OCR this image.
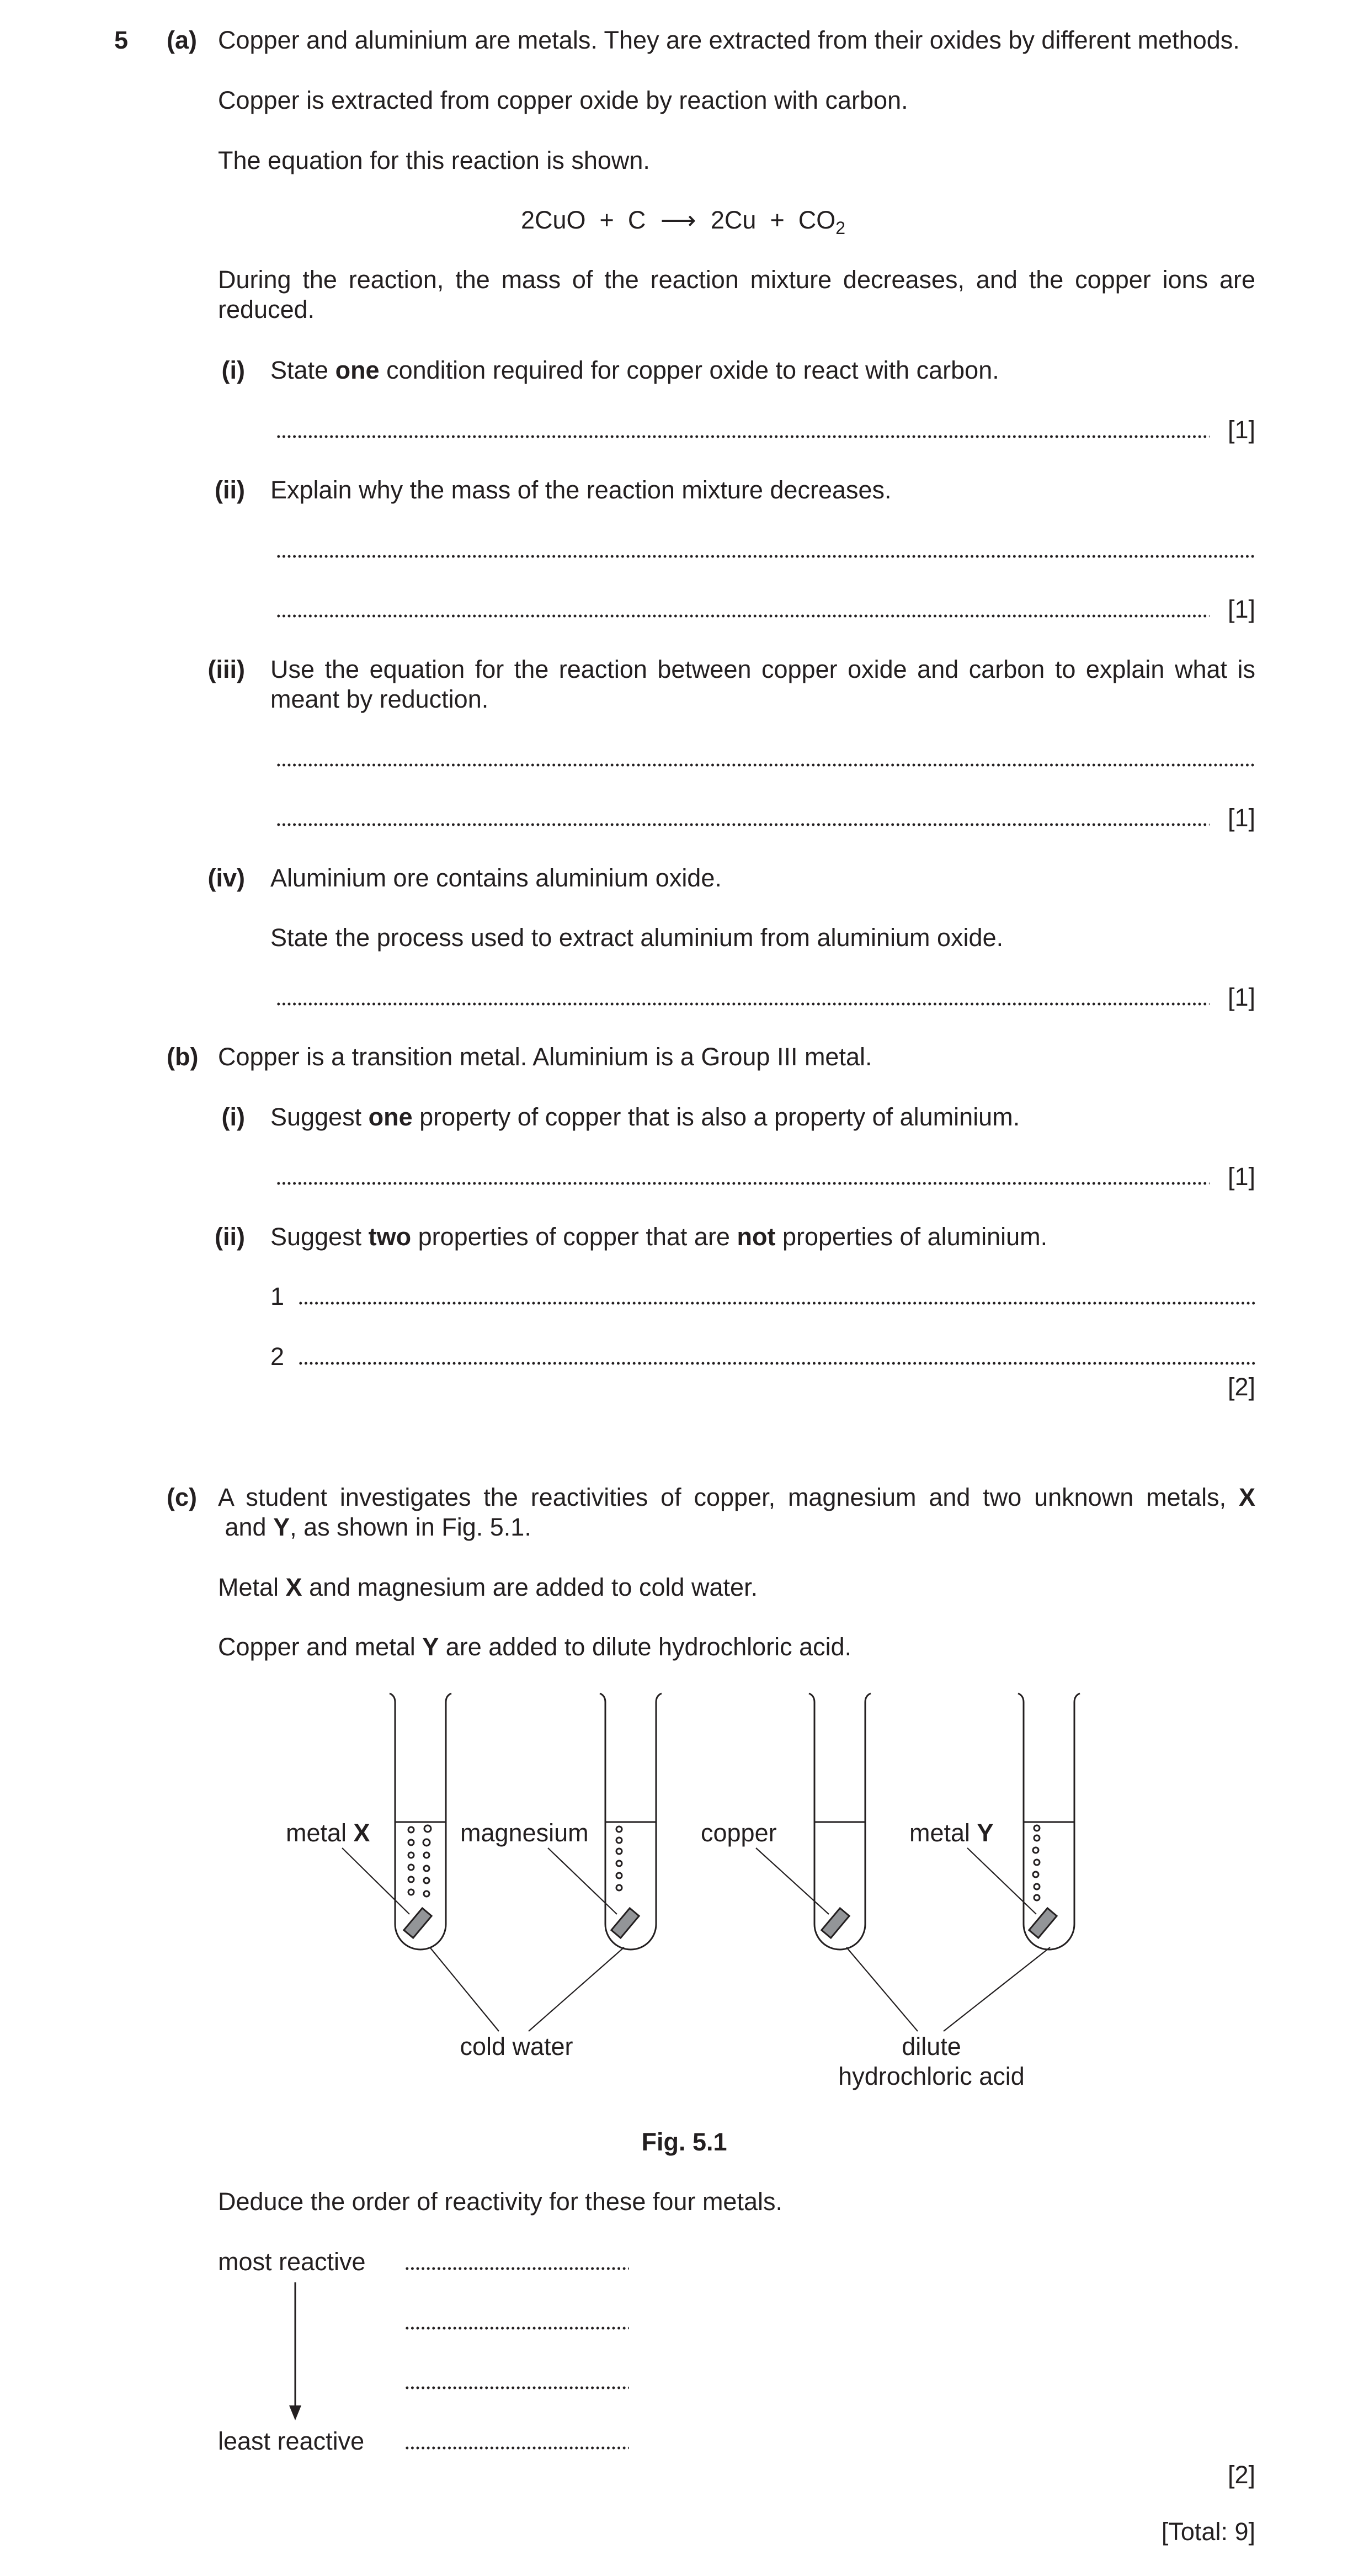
5 (a) Copper and aluminium are metals. They are extracted from their oxides by different methods.
Copper is extracted from copper oxide by reaction with carbon.
The equation for this reaction is shown.
2CuO  +  C ⟶ $2Cu + CO_2$
During the reaction, the mass of the reaction mixture decreases, and the copper ions are reduced.
(i) State one condition required for copper oxide to react with carbon.
[1]
(ii) Explain why the mass of the reaction mixture decreases.
[1]
(iii) Use the equation for the reaction between copper oxide and carbon to explain what is meant by reduction.
[1]
(iv) Aluminium ore contains aluminium oxide.
State the process used to extract aluminium from aluminium oxide.
[1]
(b) Copper is a transition metal. Aluminium is a Group III metal.
(i) Suggest one property of copper that is also a property of aluminium.
[1]
(ii) Suggest two properties of copper that are not properties of aluminium.
1
2
[2]
(c) A student investigates the reactivities of copper, magnesium and two unknown metals, X and Y, as shown in Fig. 5.1.
Metal X and magnesium are added to cold water.
Copper and metal Y are added to dilute hydrochloric acid.
metal X	magnesium	copper	metal Y
cold water	dilute
hydrochloric acid
Fig. 5.1
Deduce the order of reactivity for these four metals.
most reactive
least reactive
[2]
[Total: 9]
